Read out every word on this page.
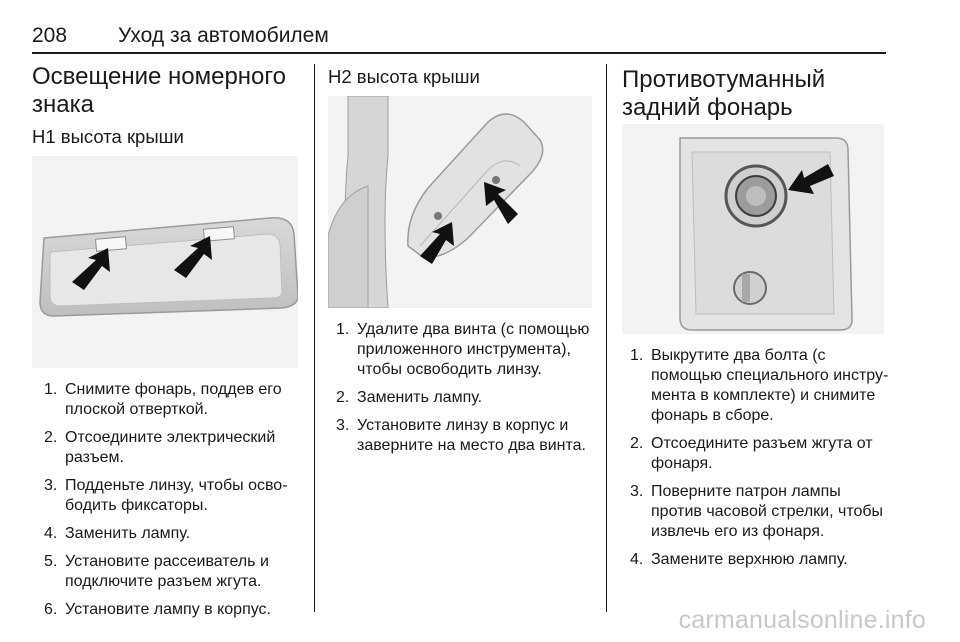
208 Уход за автомобилем
Освещение номерного знака
H1 высота крыши
1. Снимите фонарь, поддев его плоской отверткой.
2. Отсоедините электрический разъем.
3. Подденьте линзу, чтобы осво-бодить фиксаторы.
4. Заменить лампу.
5. Установите рассеиватель и подключите разъем жгута.
6. Установите лампу в корпус.
H2 высота крыши
1. Удалите два винта (с помощью приложенного инструмента), чтобы освободить линзу.
2. Заменить лампу.
3. Установите линзу в корпус и заверните на место два винта.
Противотуманный задний фонарь
1. Выкрутите два болта (с помощью специального инстру-мента в комплекте) и снимите фонарь в сборе.
2. Отсоедините разъем жгута от фонаря.
3. Поверните патрон лампы против часовой стрелки, чтобы извлечь его из фонаря.
4. Замените верхнюю лампу.
carmanualsonline.info
